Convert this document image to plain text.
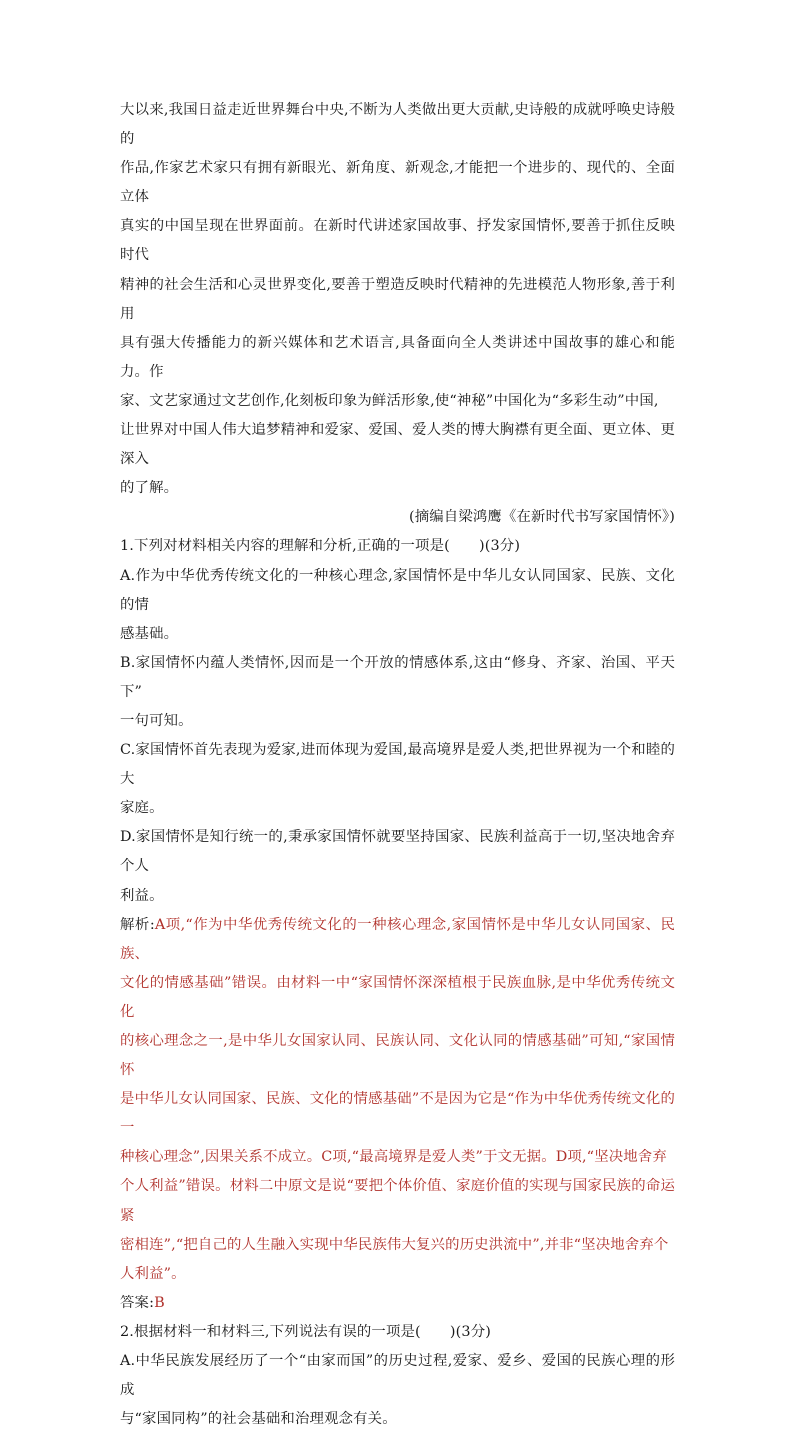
大以来,我国日益走近世界舞台中央,不断为人类做出更大贡献,史诗般的成就呼唤史诗般的

作品,作家艺术家只有拥有新眼光、新角度、新观念,才能把一个进步的、现代的、全面立体

真实的中国呈现在世界面前。在新时代讲述家国故事、抒发家国情怀,要善于抓住反映时代

精神的社会生活和心灵世界变化,要善于塑造反映时代精神的先进模范人物形象,善于利用

具有强大传播能力的新兴媒体和艺术语言,具备面向全人类讲述中国故事的雄心和能力。作

家、文艺家通过文艺创作,化刻板印象为鲜活形象,使“神秘”中国化为“多彩生动”中国,

让世界对中国人伟大追梦精神和爱家、爱国、爱人类的博大胸襟有更全面、更立体、更深入

的了解。

(摘编自梁鸿鹰《在新时代书写家国情怀》)

1.下列对材料相关内容的理解和分析,正确的一项是(　　)(3分)

A.作为中华优秀传统文化的一种核心理念,家国情怀是中华儿女认同国家、民族、文化的情

感基础。

B.家国情怀内蕴人类情怀,因而是一个开放的情感体系,这由“修身、齐家、治国、平天下”

一句可知。

C.家国情怀首先表现为爱家,进而体现为爱国,最高境界是爱人类,把世界视为一个和睦的大

家庭。

D.家国情怀是知行统一的,秉承家国情怀就要坚持国家、民族利益高于一切,坚决地舍弃个人

利益。

解析:A项,“作为中华优秀传统文化的一种核心理念,家国情怀是中华儿女认同国家、民族、

文化的情感基础”错误。由材料一中“家国情怀深深植根于民族血脉,是中华优秀传统文化

的核心理念之一,是中华儿女国家认同、民族认同、文化认同的情感基础”可知,“家国情怀

是中华儿女认同国家、民族、文化的情感基础”不是因为它是“作为中华优秀传统文化的一

种核心理念”,因果关系不成立。C项,“最高境界是爱人类”于文无据。D项,“坚决地舍弃

个人利益”错误。材料二中原文是说“要把个体价值、家庭价值的实现与国家民族的命运紧

密相连”,“把自己的人生融入实现中华民族伟大复兴的历史洪流中”,并非“坚决地舍弃个

人利益”。

答案:B

2.根据材料一和材料三,下列说法有误的一项是(　　)(3分)

A.中华民族发展经历了一个“由家而国”的历史过程,爱家、爱乡、爱国的民族心理的形成

与“家国同构”的社会基础和治理观念有关。
